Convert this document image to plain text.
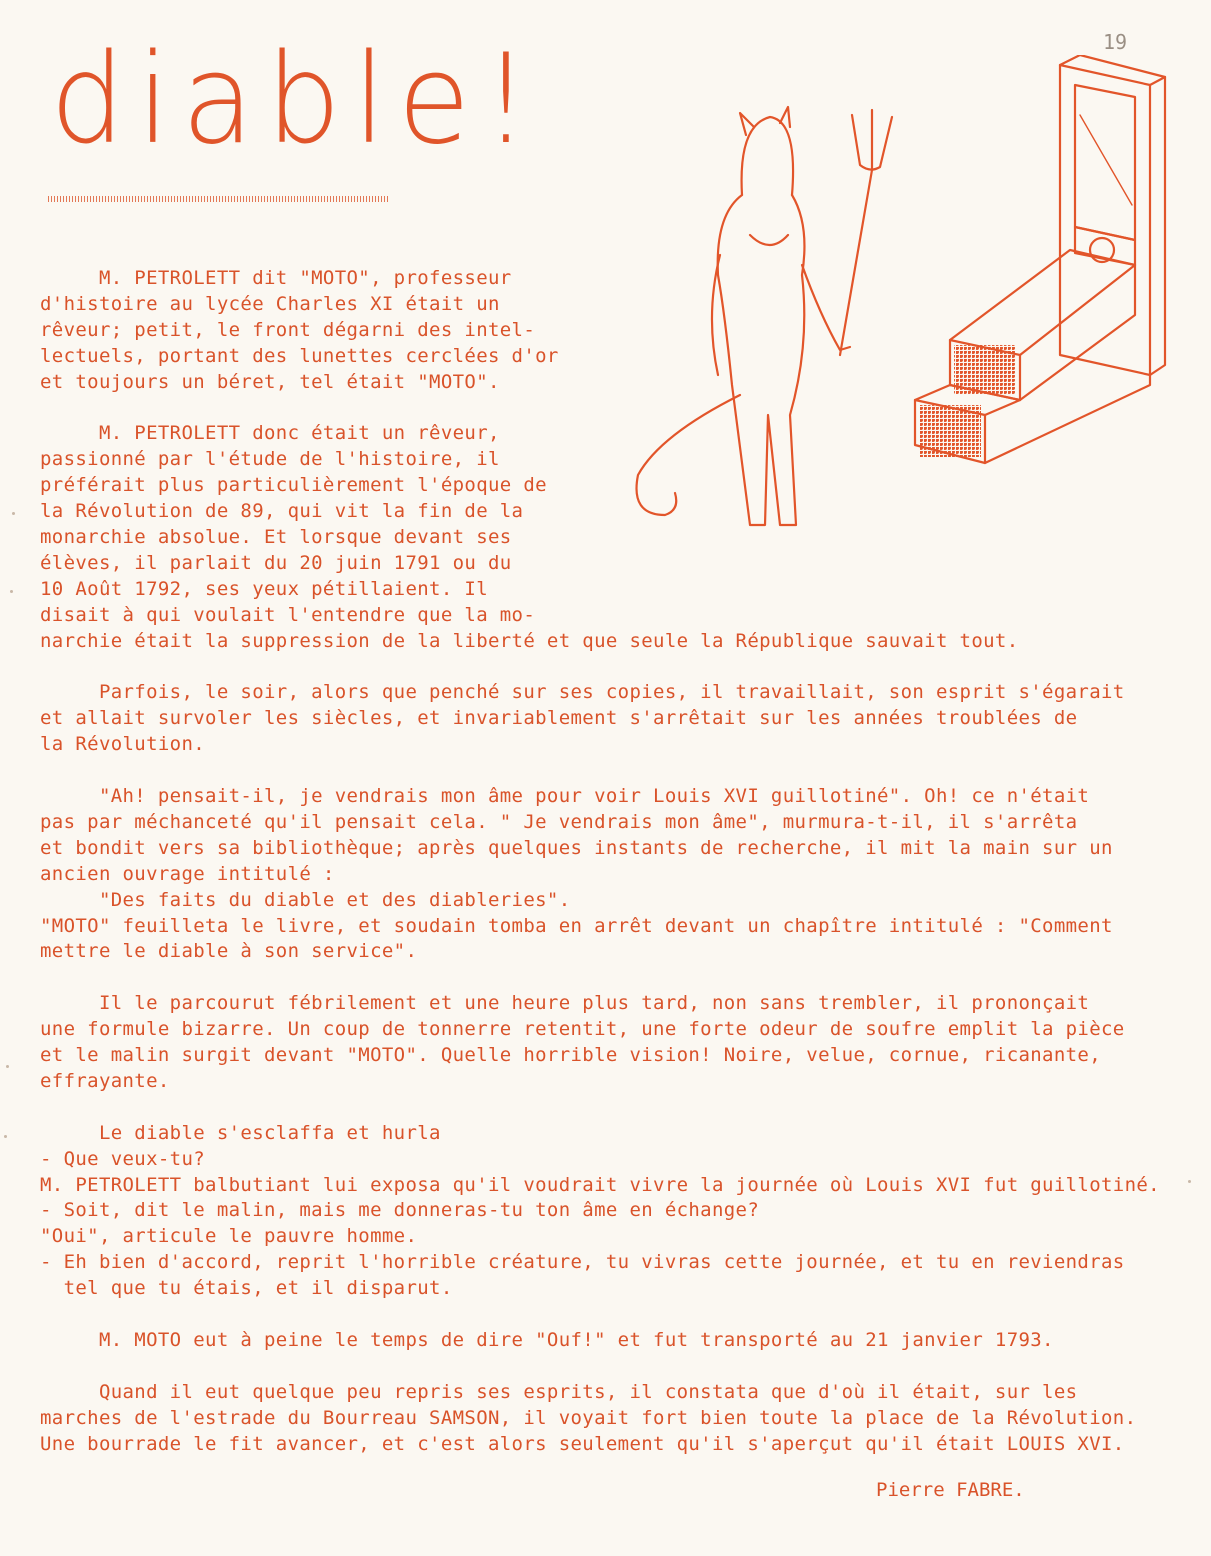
19
diable!
M. PETROLETT dit "MOTO", professeur
d'histoire au lycée Charles XI était un
rêveur; petit, le front dégarni des intel-
lectuels, portant des lunettes cerclées d'or
et toujours un béret, tel était "MOTO".
M. PETROLETT donc était un rêveur,
passionné par l'étude de l'histoire, il
préférait plus particulièrement l'époque de
la Révolution de 89, qui vit la fin de la
monarchie absolue. Et lorsque devant ses
élèves, il parlait du 20 juin 1791 ou du
10 Août 1792, ses yeux pétillaient. Il
disait à qui voulait l'entendre que la mo-
narchie était la suppression de la liberté et que seule la République sauvait tout.
Parfois, le soir, alors que penché sur ses copies, il travaillait, son esprit s'égarait
et allait survoler les siècles, et invariablement s'arrêtait sur les années troublées de
la Révolution.
"Ah! pensait-il, je vendrais mon âme pour voir Louis XVI guillotiné". Oh! ce n'était
pas par méchanceté qu'il pensait cela. " Je vendrais mon âme", murmura-t-il, il s'arrêta
et bondit vers sa bibliothèque; après quelques instants de recherche, il mit la main sur un
ancien ouvrage intitulé :
"Des faits du diable et des diableries".
"MOTO" feuilleta le livre, et soudain tomba en arrêt devant un chapître intitulé : "Comment
mettre le diable à son service".
Il le parcourut fébrilement et une heure plus tard, non sans trembler, il prononçait
une formule bizarre. Un coup de tonnerre retentit, une forte odeur de soufre emplit la pièce
et le malin surgit devant "MOTO". Quelle horrible vision! Noire, velue, cornue, ricanante,
effrayante.
Le diable s'esclaffa et hurla
- Que veux-tu?
M. PETROLETT balbutiant lui exposa qu'il voudrait vivre la journée où Louis XVI fut guillotiné.
- Soit, dit le malin, mais me donneras-tu ton âme en échange?
"Oui", articule le pauvre homme.
- Eh bien d'accord, reprit l'horrible créature, tu vivras cette journée, et tu en reviendras
tel que tu étais, et il disparut.
M. MOTO eut à peine le temps de dire "Ouf!" et fut transporté au 21 janvier 1793.
Quand il eut quelque peu repris ses esprits, il constata que d'où il était, sur les
marches de l'estrade du Bourreau SAMSON, il voyait fort bien toute la place de la Révolution.
Une bourrade le fit avancer, et c'est alors seulement qu'il s'aperçut qu'il était LOUIS XVI.
Pierre FABRE.
